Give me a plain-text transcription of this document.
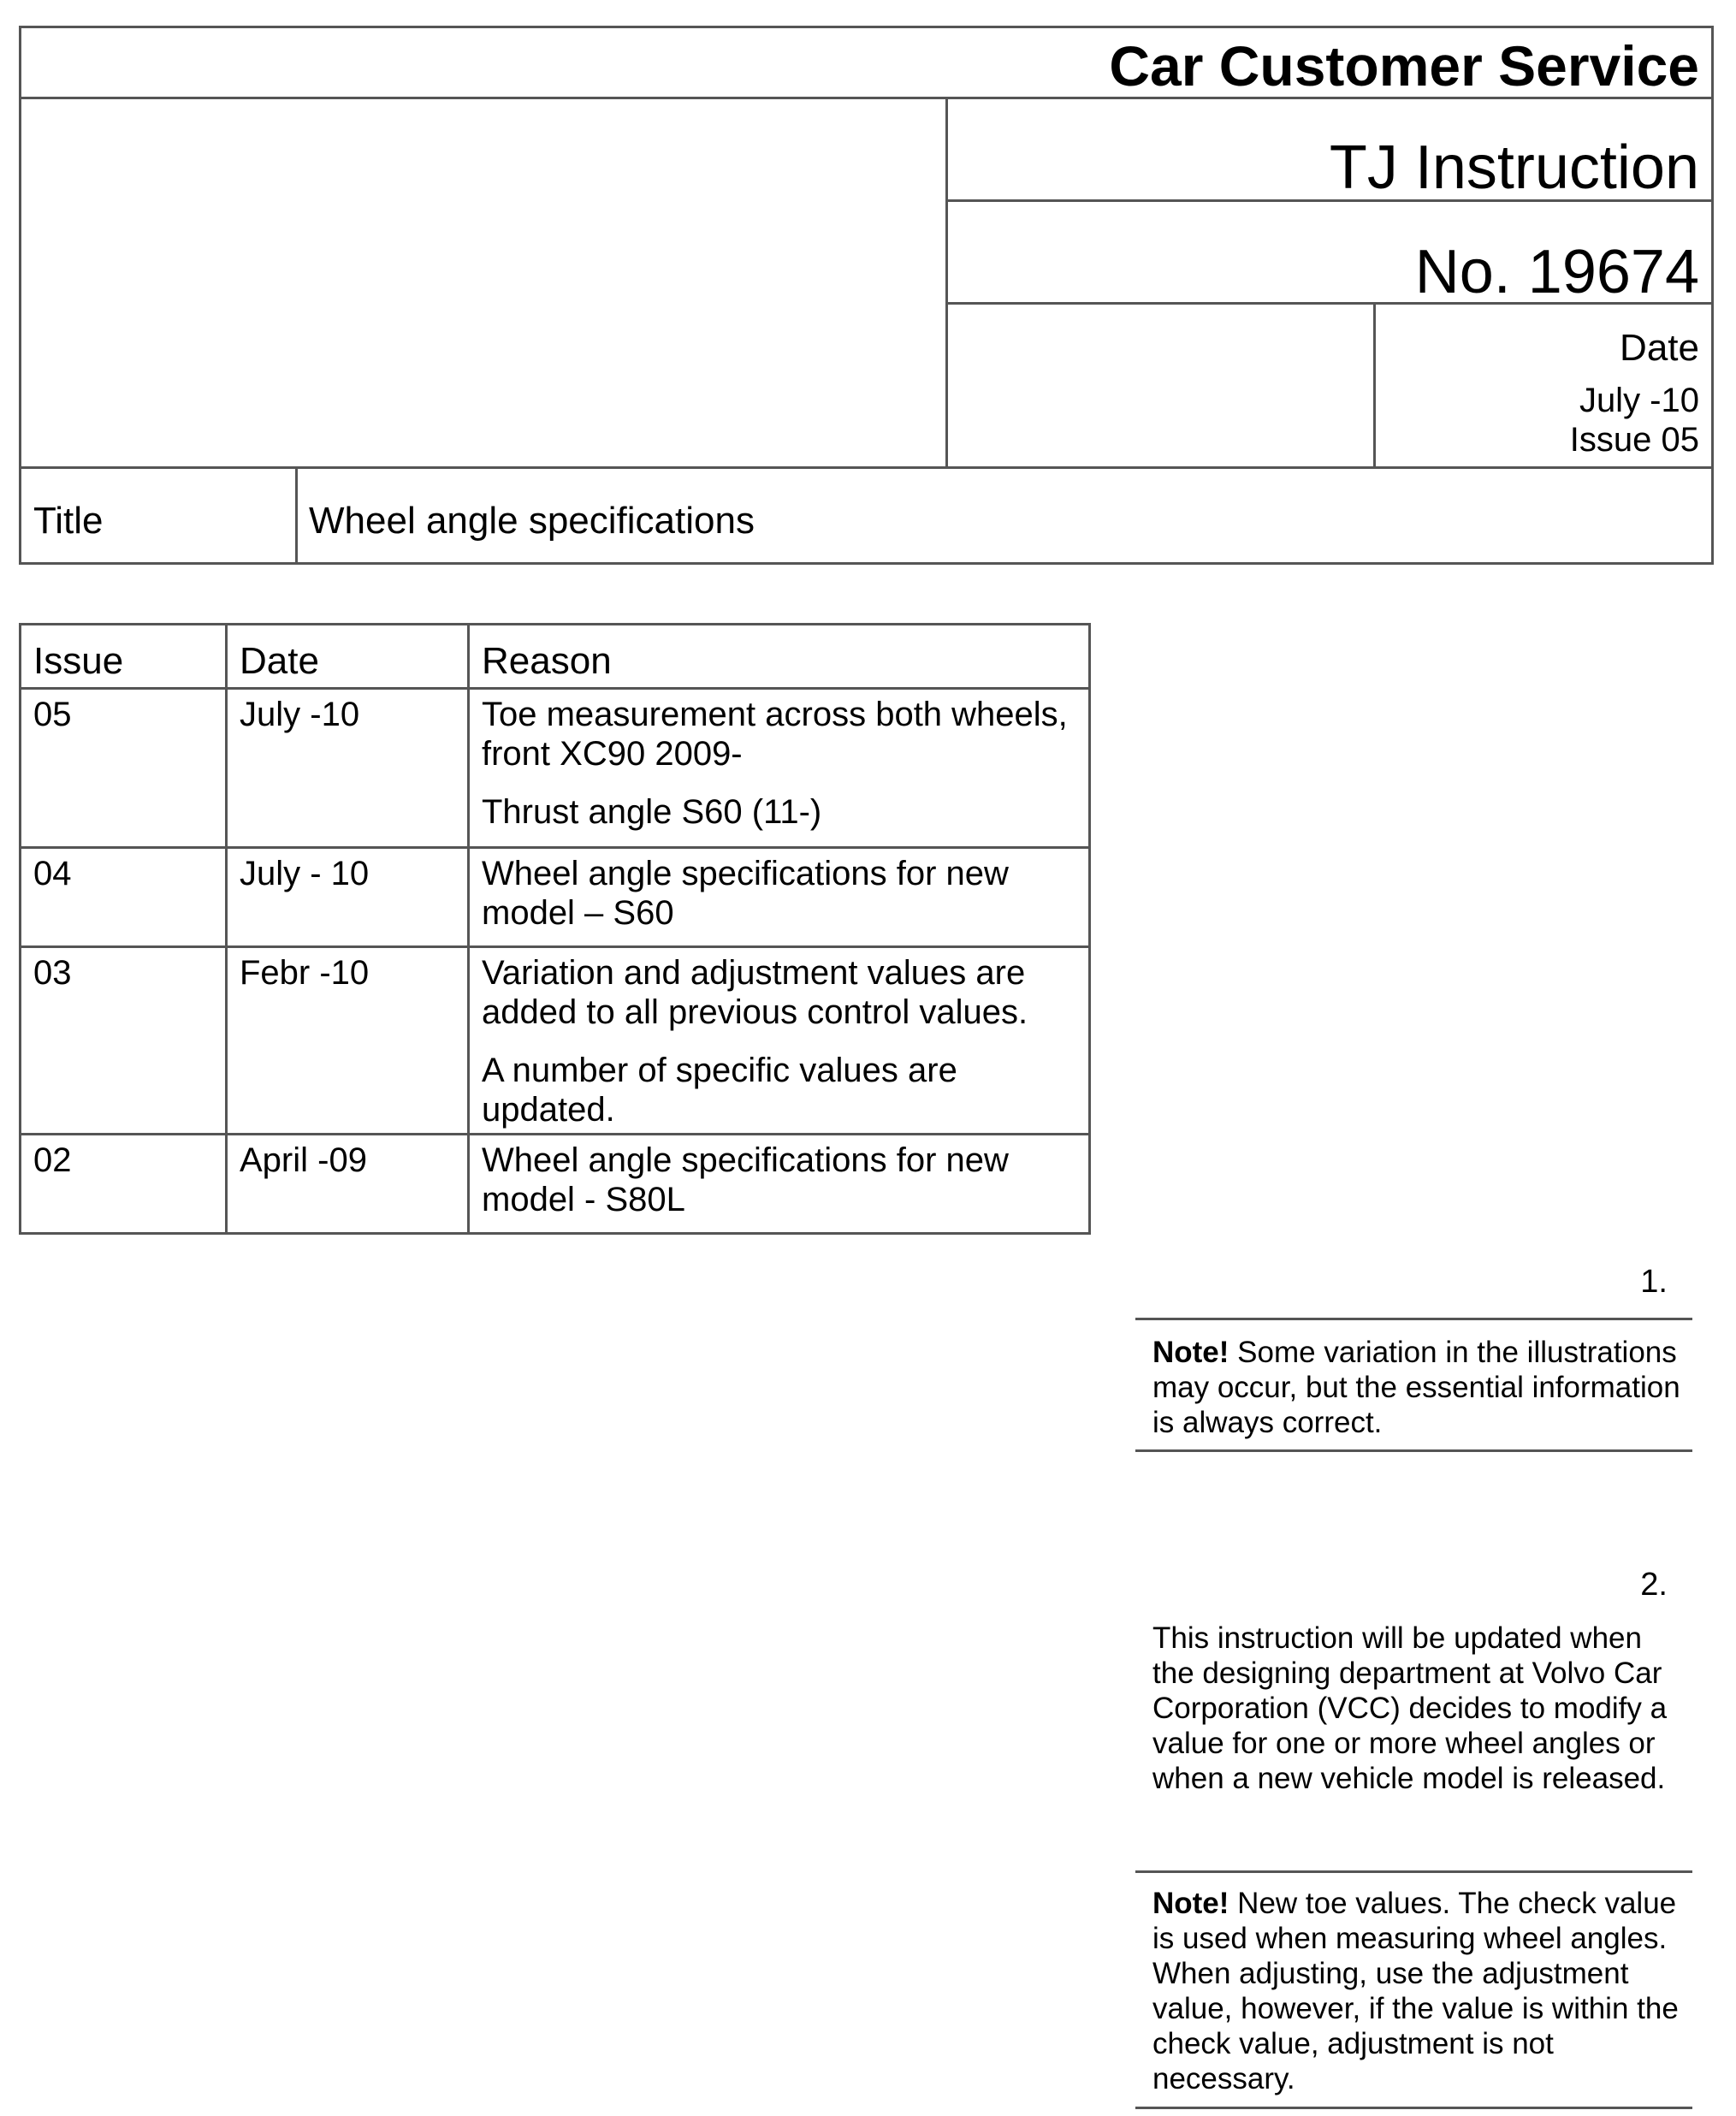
Car Customer Service
TJ Instruction
No. 19674
Date
July -10
Issue 05
Title	Wheel angle specifications
Issue	Date	Reason
05	July -10	Toe measurement across both wheels, front XC90 2009-

Thrust angle S60 (11-)

04	July - 10	Wheel angle specifications for new model – S60

03	Febr -10	Variation and adjustment values are added to all previous control values.

A number of specific values are updated.

02	April -09	Wheel angle specifications for new model - S80L

1.
Note! Some variation in the illustrations may occur, but the essential information is always correct.
2.
This instruction will be updated when the designing department at Volvo Car Corporation (VCC) decides to modify a value for one or more wheel angles or when a new vehicle model is released.
Note! New toe values. The check value is used when measuring wheel angles. When adjusting, use the adjustment value, however, if the value is within the check value, adjustment is not necessary.
